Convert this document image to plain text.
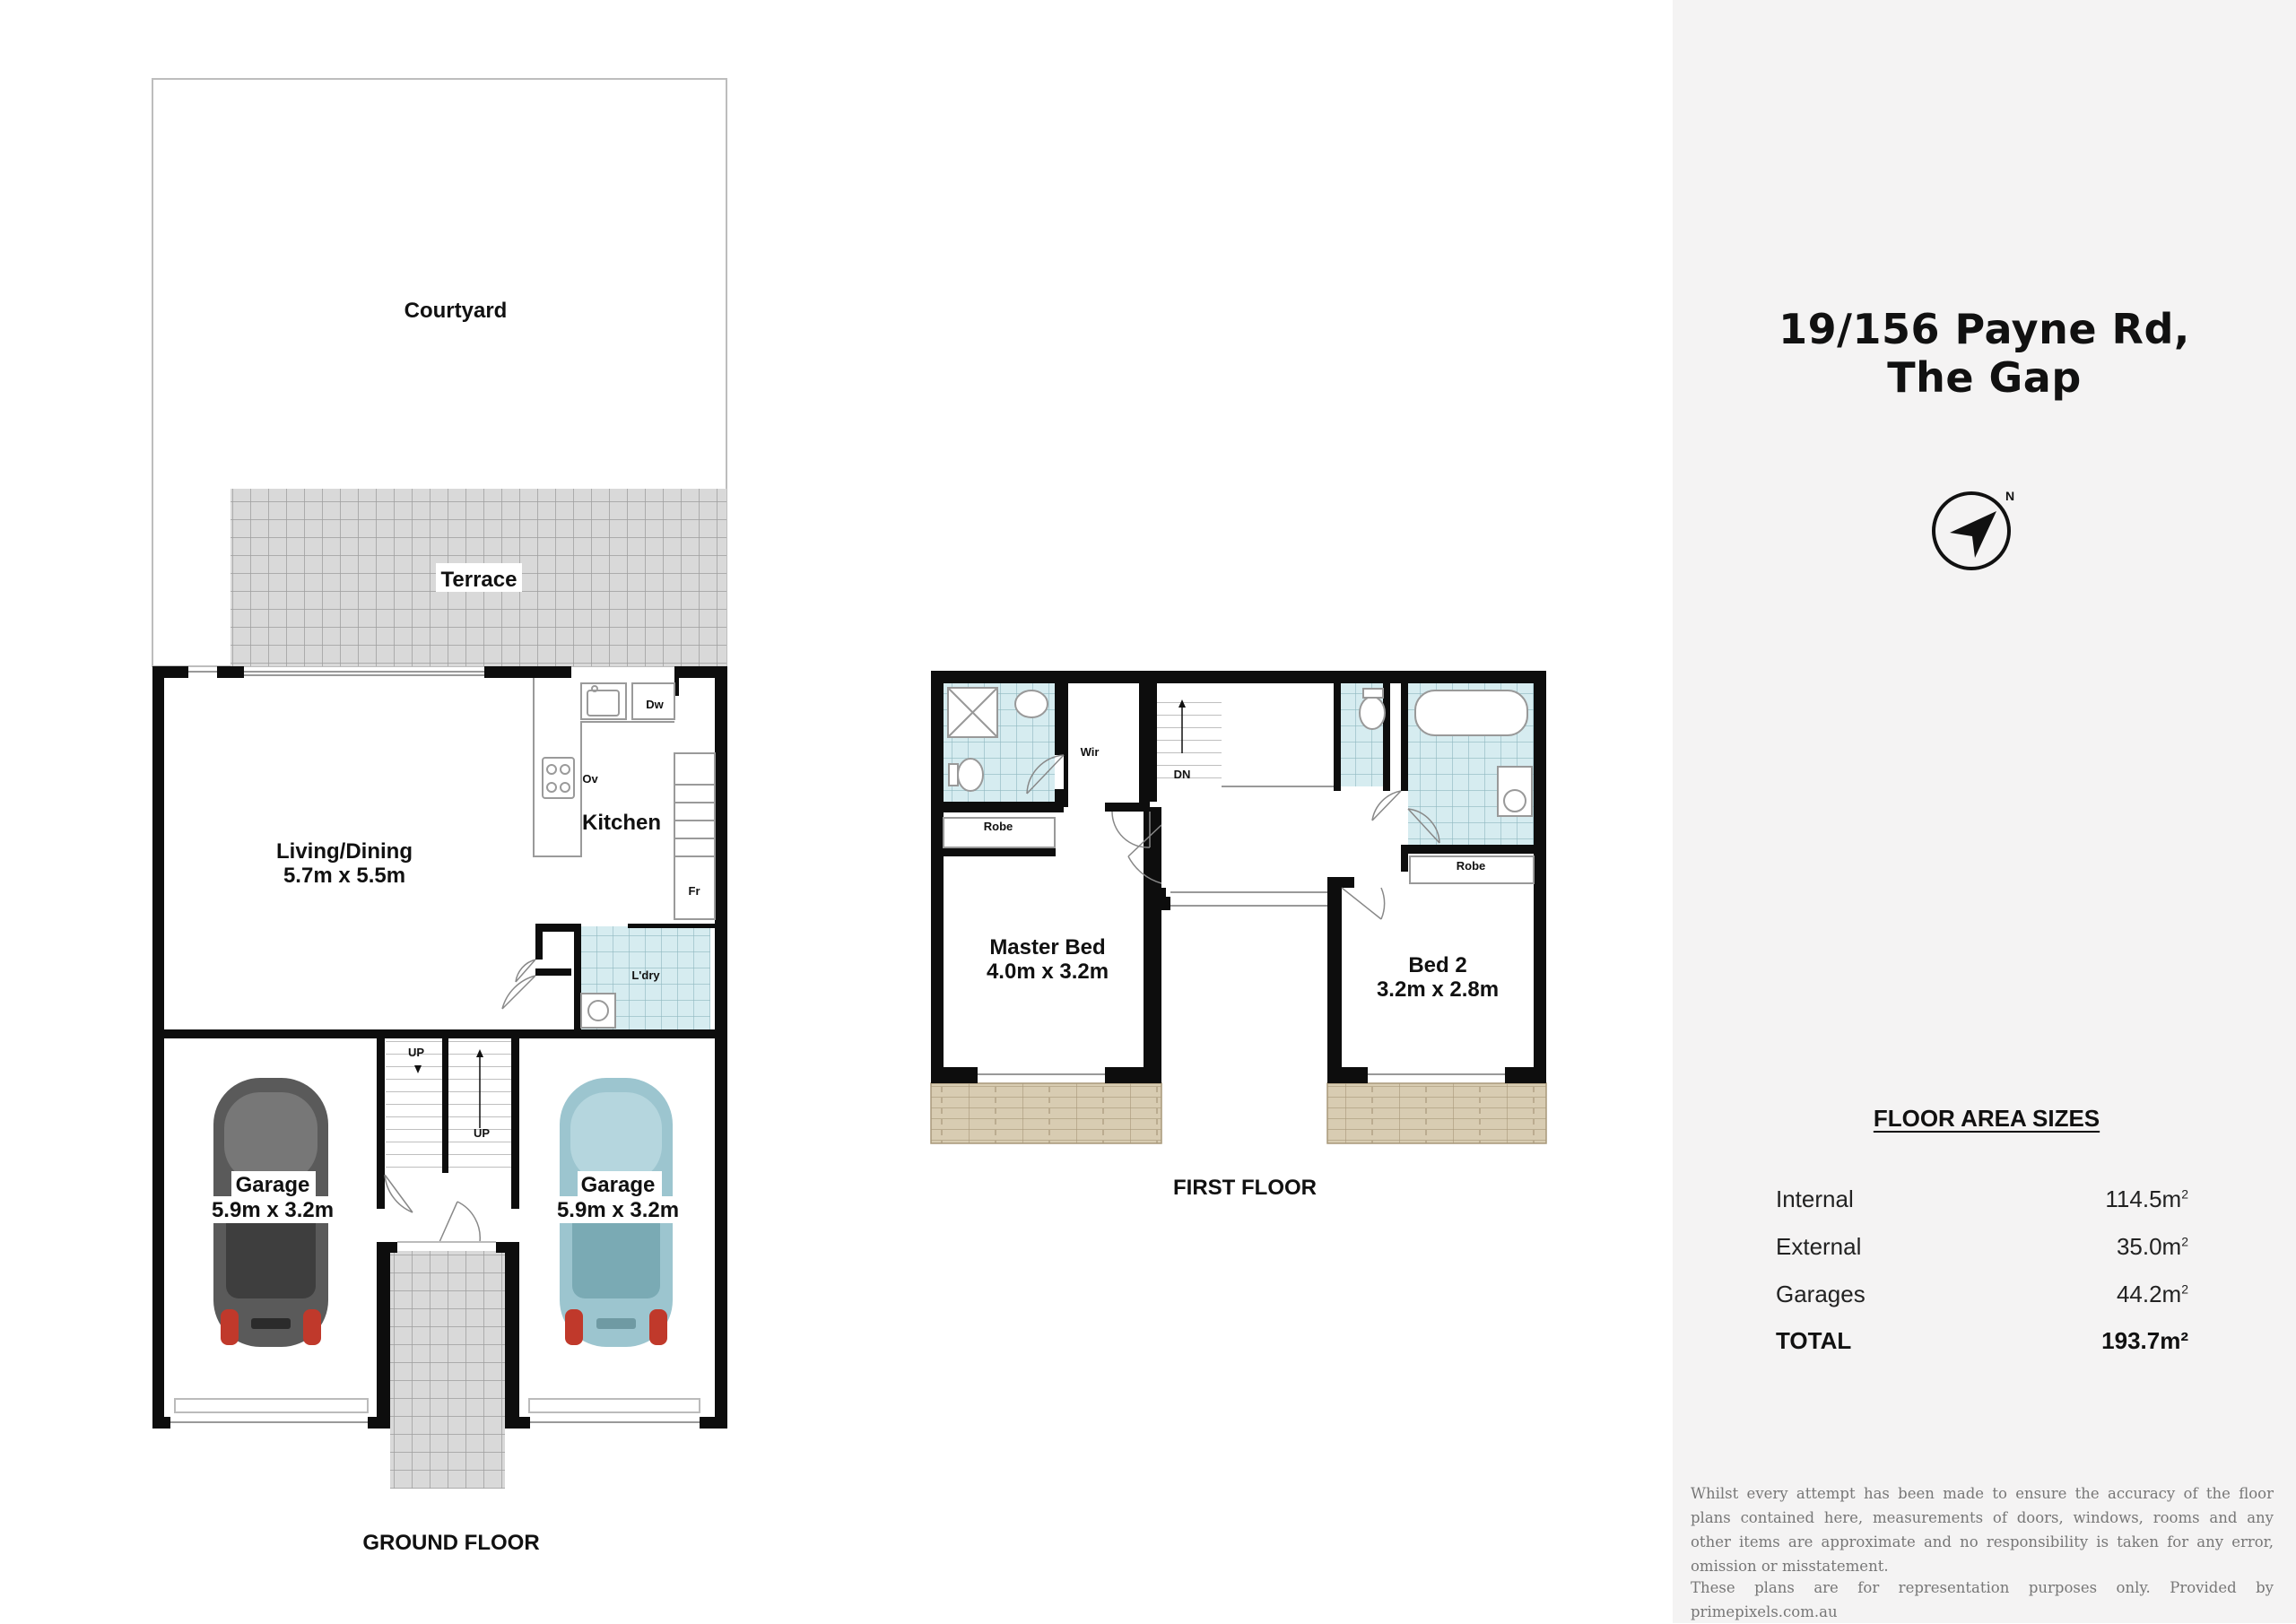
Courtyard
Terrace
Living/Dining
5.7m x 5.5m
Kitchen
Dw
Ov
Fr
L'dry
UP
UP
Garage
5.9m x 3.2m
Garage
5.9m x 3.2m
GROUND FLOOR
Wir
DN
Robe
Robe
Master Bed
4.0m x 3.2m	Bed 2
3.2m x 2.8m
FIRST FLOOR
19/156 Payne Rd,
The Gap
N
FLOOR AREA SIZES
Internal	$114.5m^2$
External	$35.0m^2$
Garages	$44.2m^2$
TOTAL	193.7m²
Whilst every attempt has been made to ensure the accuracy of the floor plans contained here, measurements of doors, windows, rooms and any other items are approximate and no responsibility is taken for any error, omission or misstatement.
These plans are for representation purposes only. Provided by primepixels.com.au
